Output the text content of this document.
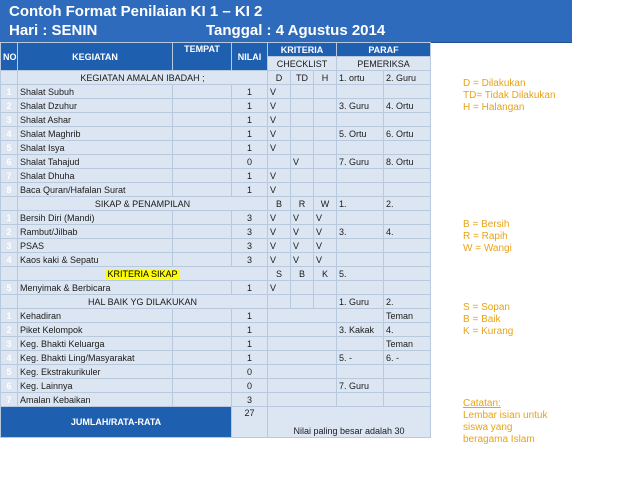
Contoh Format Penilaian KI 1 – KI 2
Hari : SENIN	Tanggal : 4 Agustus 2014
NO	KEGIATAN	TEMPAT	NILAI	KRITERIA			PARAF	
				CHECKLIST			PEMERIKSA	
	KEGIATAN AMALAN IBADAH ;			D	TD	H	1. ortu	2. Guru
1	Shalat Subuh		1	V				
2	Shalat Dzuhur		1	V			3. Guru	4. Ortu
3	Shalat Ashar		1	V				
4	Shalat Maghrib		1	V			5. Ortu	6. Ortu
5	Shalat Isya		1	V				
6	Shalat Tahajud		0		V		7. Guru	8. Ortu
7	Shalat Dhuha		1	V				
8	Baca Quran/Hafalan Surat		1	V				
	SIKAP & PENAMPILAN			B	R	W	1.	2.
1	Bersih Diri (Mandi)		3	V	V	V		
2	Rambut/Jilbab		3	V	V	V	3.	4.
3	PSAS		3	V	V	V		
4	Kaos kaki & Sepatu		3	V	V	V		
	KRITERIA SIKAP			S	B	K	5.	
5	Menyimak & Berbicara		1	V				
	HAL BAIK YG DILAKUKAN						1. Guru	2.
1	Kehadiran		1					Teman
2	Piket Kelompok		1				3. Kakak	4.
3	Keg. Bhakti Keluarga		1					Teman
4	Keg. Bhakti Ling/Masyarakat		1				5. -	6. -
5	Keg. Ekstrakurikuler		0					
6	Keg. Lainnya		0				7. Guru	
7	Amalan Kebaikan		3					
JUMLAH/RATA-RATA			27	Nilai paling besar adalah 30				
D = Dilakukan
TD= Tidak Dilakukan
H = Halangan
B = Bersih
R = Rapih
W = Wangi
S = Sopan
B = Baik
K = Kurang
Catatan:
Lembar isian untuk
siswa yang
beragama Islam
